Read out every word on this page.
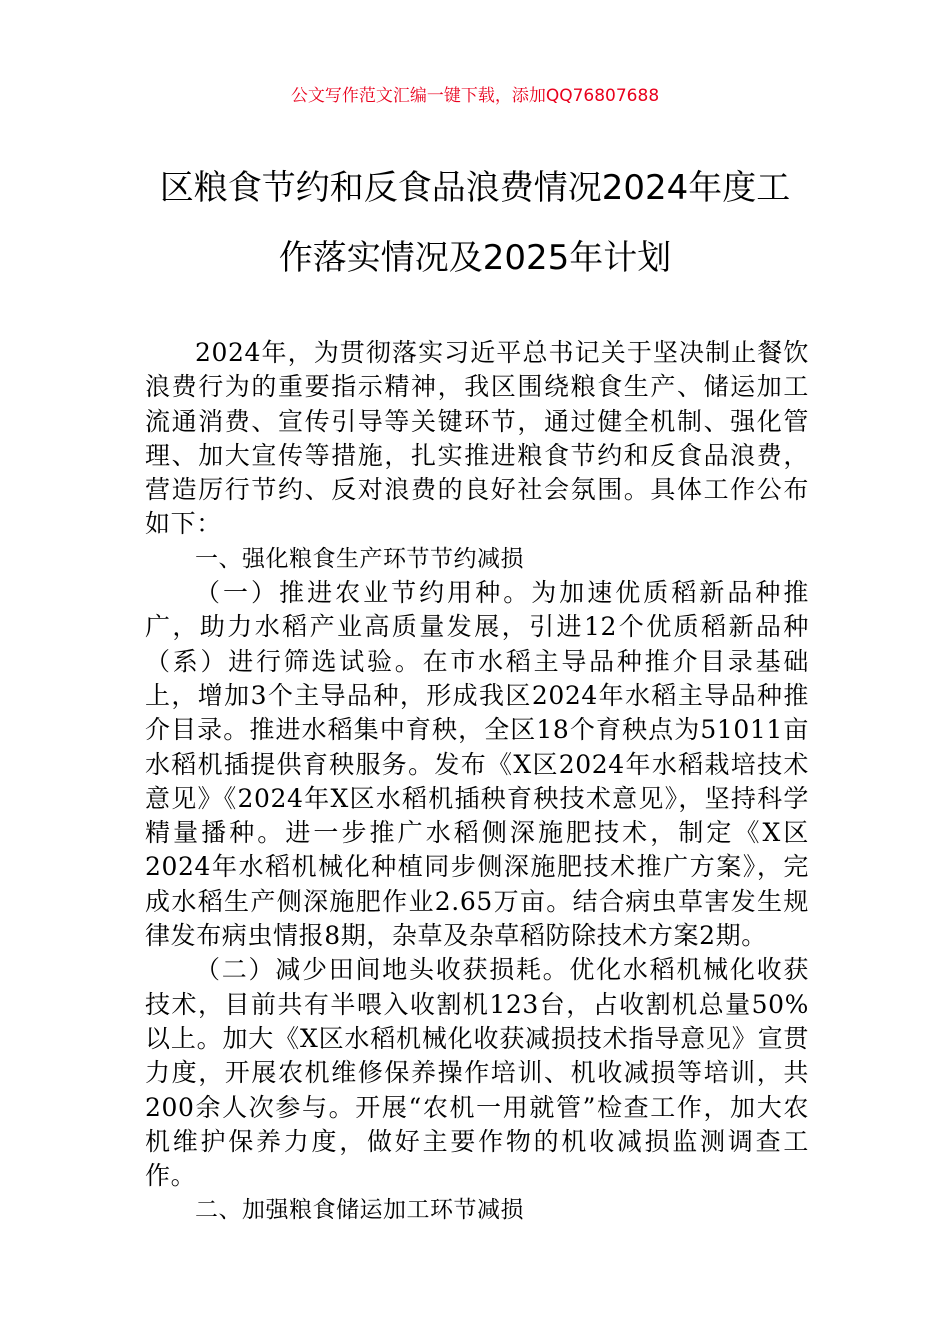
公文写作范文汇编一键下载，添加QQ76807688
区粮食节约和反食品浪费情况2024年度工
作落实情况及2025年计划

2024年，为贯彻落实习近平总书记关于坚决制止餐饮浪费行为的重要指示精神，我区围绕粮食生产、储运加工流通消费、宣传引导等关键环节，通过健全机制、强化管理、加大宣传等措施，扎实推进粮食节约和反食品浪费，营造厉行节约、反对浪费的良好社会氛围。具体工作公布如下：

一、强化粮食生产环节节约减损

（一）推进农业节约用种。为加速优质稻新品种推广，助力水稻产业高质量发展，引进12个优质稻新品种（系）进行筛选试验。在市水稻主导品种推介目录基础上，增加3个主导品种，形成我区2024年水稻主导品种推介目录。推进水稻集中育秧，全区18个育秧点为51011亩水稻机插提供育秧服务。发布《X区2024年水稻栽培技术意见》《2024年X区水稻机插秧育秧技术意见》，坚持科学精量播种。进一步推广水稻侧深施肥技术，制定《X区2024年水稻机械化种植同步侧深施肥技术推广方案》，完成水稻生产侧深施肥作业2.65万亩。结合病虫草害发生规律发布病虫情报8期，杂草及杂草稻防除技术方案2期。

（二）减少田间地头收获损耗。优化水稻机械化收获技术，目前共有半喂入收割机123台，占收割机总量50%以上。加大《X区水稻机械化收获减损技术指导意见》宣贯力度，开展农机维修保养操作培训、机收减损等培训，共200余人次参与。开展“农机一用就管”检查工作，加大农机维护保养力度，做好主要作物的机收减损监测调查工作。

二、加强粮食储运加工环节减损
